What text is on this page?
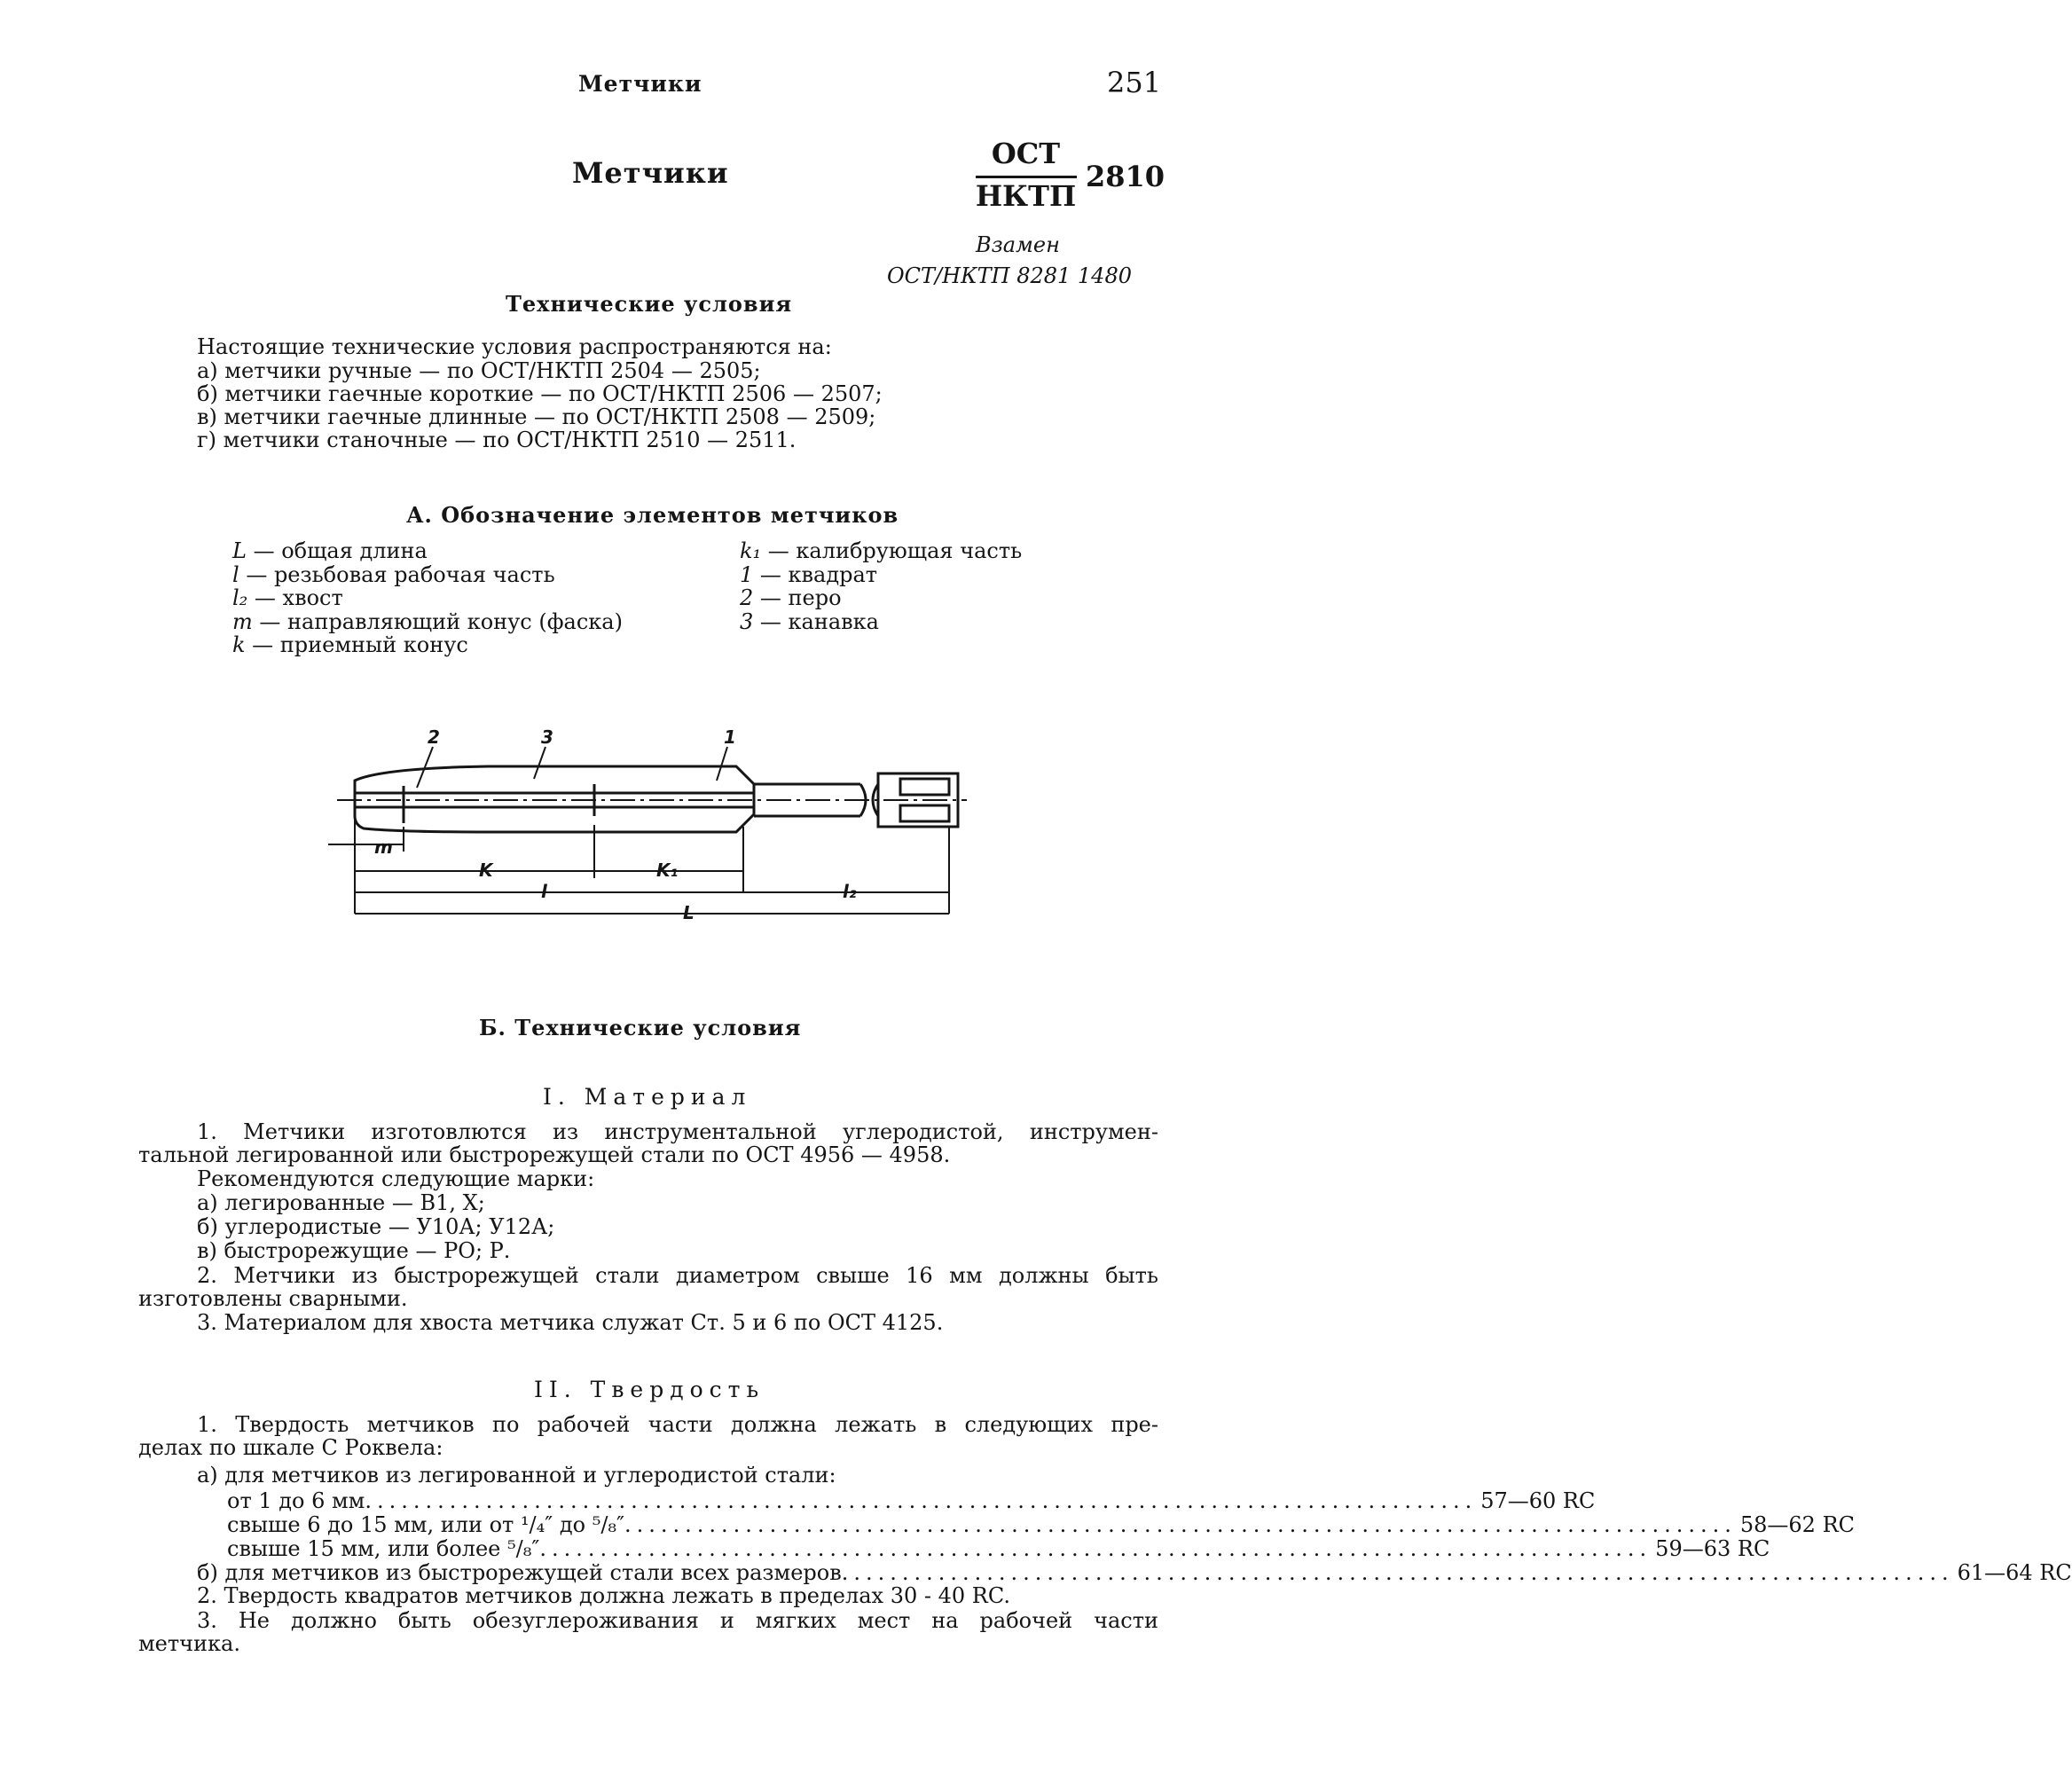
Метчики	251
Метчики
ОСТ
НКТП
2810
Взамен
ОСТ/НКТП 8281 1480
Технические условия
Настоящие технические условия распространяются на:
а) метчики ручные — по ОСТ/НКТП 2504 — 2505;
б) метчики гаечные короткие — по ОСТ/НКТП 2506 — 2507;
в) метчики гаечные длинные — по ОСТ/НКТП 2508 — 2509;
г) метчики станочные — по ОСТ/НКТП 2510 — 2511.
А. Обозначение элементов метчиков
L — общая длина
l — резьбовая рабочая часть
l₂ — хвост
m — направляющий конус (фаска)
k — приемный конус
k₁ — калибрующая часть
1 — квадрат
2 — перо
3 — канавка
2	3	1
m
K	K₁
l	l₂
L
Б. Технические условия
I. Материал
1. Метчики изготовлются из инструментальной углеродистой, инструмен-
тальной легированной или быстрорежущей стали по ОСТ 4956 — 4958.
Рекомендуются следующие марки:
а) легированные — В1, Х;
б) углеродистые — У10А; У12А;
в) быстрорежущие — РО; Р.
2. Метчики из быстрорежущей стали диаметром свыше 16 мм должны быть
изготовлены сварными.
3. Материалом для хвоста метчика служат Ст. 5 и 6 по ОСТ 4125.
II. Твердость
1. Твердость метчиков по рабочей части должна лежать в следующих пре-
делах по шкале С Роквела:
а) для метчиков из легированной и углеродистой стали:
от 1 до 6 мм ............................................................................................ 57—60 RC
свыше 6 до 15 мм, или от ¹/₄″ до ⁵/₈″ ............................................................................................ 58—62 RC
свыше 15 мм, или более ⁵/₈″ ............................................................................................ 59—63 RC
б) для метчиков из быстрорежущей стали всех размеров ............................................................................................ 61—64 RC
2. Твердость квадратов метчиков должна лежать в пределах 30 - 40 RC.
3. Не должно быть обезуглероживания и мягких мест на рабочей части
метчика.
